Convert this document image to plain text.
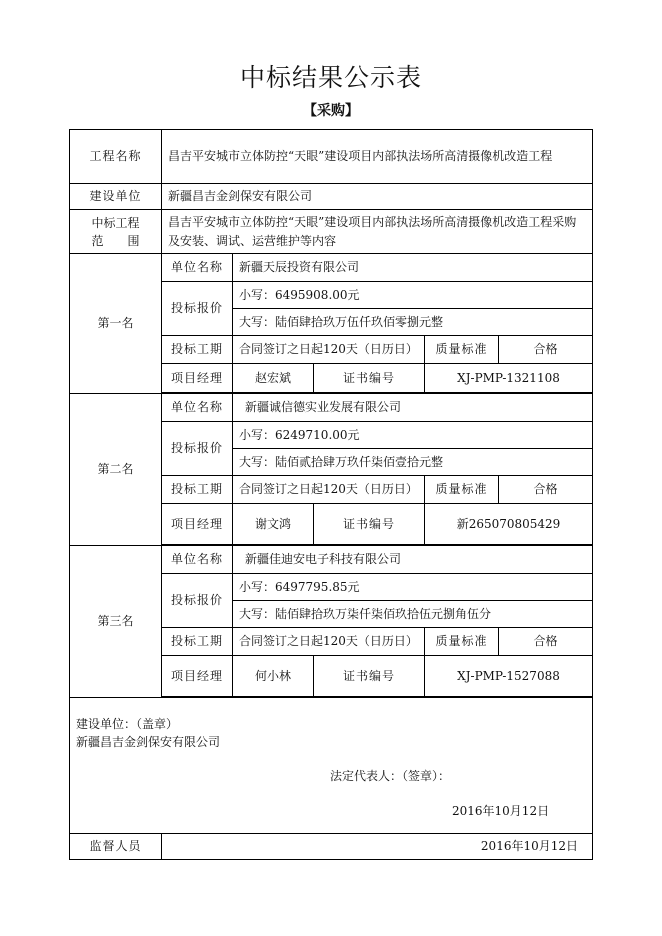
中标结果公示表
【采购】
工程名称	昌吉平安城市立体防控“天眼”建设项目内部执法场所高清摄像机改造工程				
建设单位	新疆昌吉金剑保安有限公司				
中标工程
范　　围	昌吉平安城市立体防控“天眼”建设项目内部执法场所高清摄像机改造工程采购及安装、调试、运营维护等内容				
第一名	单位名称	新疆天辰投资有限公司			
	投标报价	小写：6495908.00元			
		大写：陆佰肆拾玖万伍仟玖佰零捌元整			
	投标工期	合同签订之日起120天（日历日）		质量标准	合格
	项目经理	赵宏斌	证书编号	XJ-PMP-1321108	

第二名	单位名称	新疆诚信德实业发展有限公司			
	投标报价	小写：6249710.00元			
		大写：陆佰贰拾肆万玖仟柒佰壹拾元整			
	投标工期	合同签订之日起120天（日历日）		质量标准	合格
	项目经理	谢文鸿	证书编号	新265070805429	

第三名	单位名称	新疆佳迪安电子科技有限公司			
	投标报价	小写：6497795.85元			
		大写：陆佰肆拾玖万柒仟柒佰玖拾伍元捌角伍分			
	投标工期	合同签订之日起120天（日历日）		质量标准	合格
	项目经理	何小林	证书编号	XJ-PMP-1527088	

建设单位：（盖章）
新疆昌吉金剑保安有限公司
法定代表人：（签章）：
2016年10月12日					

监督人员	2016年10月12日				
